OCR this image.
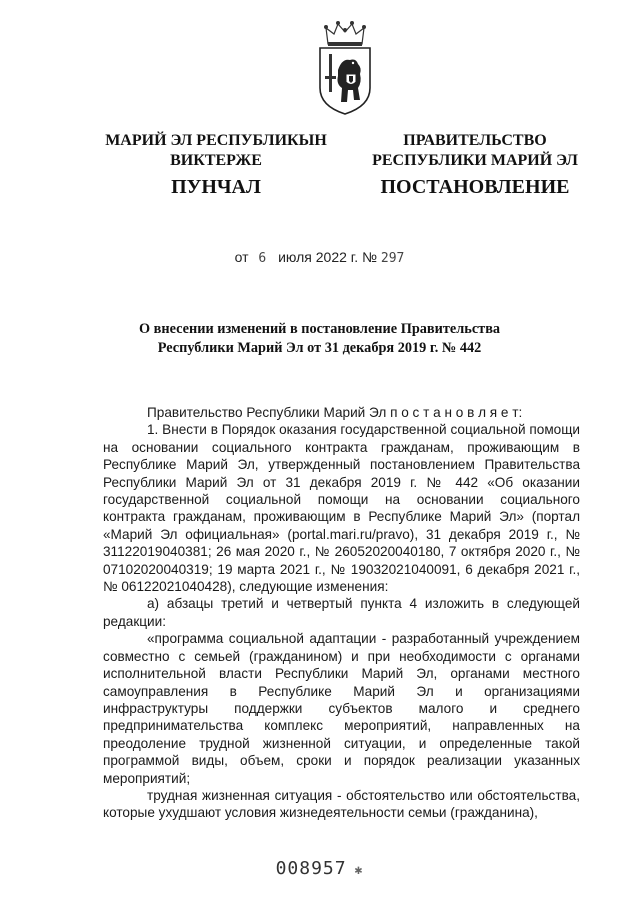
МАРИЙ ЭЛ РЕСПУБЛИКЫН
ВИКТЕРЖЕ
ПУНЧАЛ
ПРАВИТЕЛЬСТВО
РЕСПУБЛИКИ МАРИЙ ЭЛ
ПОСТАНОВЛЕНИЕ
от 6 июля 2022 г. № 297
О внесении изменений в постановление Правительства
Республики Марий Эл от 31 декабря 2019 г. № 442

Правительство Республики Марий Эл п о с т а н о в л я е т:

1. Внести в Порядок оказания государственной социальной помощи на основании социального контракта гражданам, проживающим в Республике Марий Эл, утвержденный постановлением Правительства Республики Марий Эл от 31 декабря 2019 г. № 442 «Об оказании государственной социальной помощи на основании социального контракта гражданам, проживающим в Республике Марий Эл» (портал «Марий Эл официальная» (portal.mari.ru/pravo), 31 декабря 2019 г., № 31122019040381; 26 мая 2020 г., № 26052020040180, 7 октября 2020 г., № 07102020040319; 19 марта 2021 г., № 19032021040091, 6 декабря 2021 г., № 06122021040428), следующие изменения:

а) абзацы третий и четвертый пункта 4 изложить в следующей редакции:

«программа социальной адаптации - разработанный учреждением совместно с семьей (гражданином) и при необходимости с органами исполнительной власти Республики Марий Эл, органами местного самоуправления в Республике Марий Эл и организациями инфраструктуры поддержки субъектов малого и среднего предпринимательства комплекс мероприятий, направленных на преодоление трудной жизненной ситуации, и определенные такой программой виды, объем, сроки и порядок реализации указанных мероприятий;

трудная жизненная ситуация - обстоятельство или обстоятельства, которые ухудшают условия жизнедеятельности семьи (гражданина),

008957 ✱
